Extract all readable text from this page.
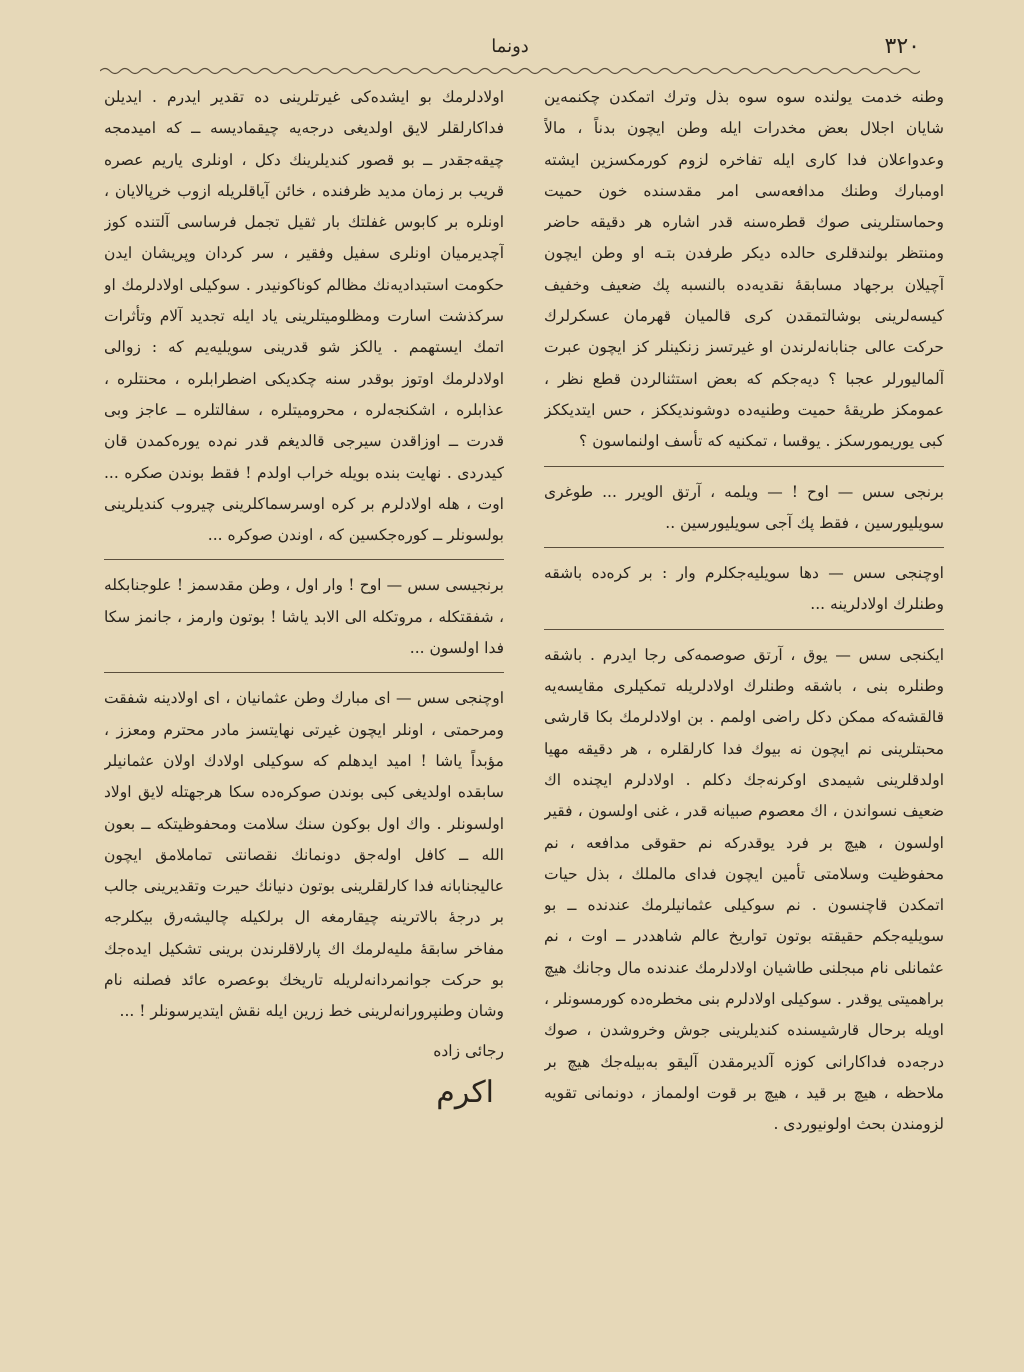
۳۲۰
دونما

وطنه خدمت یولنده سوه سوه بذل وترك اتمكدن چكنمه‌ین شایان اجلال بعض مخدرات ایله وطن ایچون بدناً ، مالاً وعدواعلان فدا كاری ایله تفاخره لزوم كورمكسزین ایشته اومبارك وطنك مدافعه‌سی امر مقدسنده خون حمیت وحماستلرینی صوك قطره‌سنه قدر اشاره هر دقیقه حاضر ومنتظر بولندقلری حالده دیكر طرفدن بتـه او وطن ایچون آچیلان برجهاد مسابقهٔ نقدیه‌ده بالنسبه پك ضعیف وخفیف كیسه‌لرینی بوشالتمقدن كری قالمیان قهرمان عسكرلرك حركت عالی جنابانه‌لرندن او غیرتسز زنكینلر كز ایچون عبرت آلمالیورلر عجبا ؟ دیه‌جكم كه بعض استثنالردن قطع نظر ، عمومكز طریقهٔ حمیت وطنیه‌ده دوشوندیككز ، حس ایتدیككز كبی یوریمورسكز . یوقسا ، تمكنیه كه تأسف اولنماسون ؟

برنجی سس — اوح ! — ویلمه ، آرتق الویرر ... طوغری سویلیورسین ، فقط پك آجی سویلیورسین ..

اوچنجی سس — دها سویلیه‌جكلرم وار : بر كره‌ده باشقه وطنلرك اولادلرینه ...

ایكنجی سس — یوق ، آرتق صوصمه‌كی رجا ایدرم . باشقه وطنلره بنی ، باشقه وطنلرك اولادلریله تمكیلری مقایسه‌یه قالقشه‌كه ممكن دكل راضی اولمم . بن اولادلرمك بكا قارشی محبتلرینی نم ایچون نه بیوك فدا كارلقلره ، هر دقیقه مهیا اولدقلرینی شیمدی اوكرنه‌جك دكلم . اولادلرم ایچنده اك ضعیف نسواندن ، اك معصوم صبیانه قدر ، غنی اولسون ، فقیر اولسون ، هیچ بر فرد یوقدركه نم حقوقی مدافعه ، نم محفوظیت وسلامتی تأمین ایچون فدای مالملك ، بذل حیات اتمكدن قاچنسون . نم سوكیلی عثمانیلرمك عندنده ــ بو سویلیه‌جكم حقیقته بوتون تواریخ عالم شاهددر ــ اوت ، نم عثمانلی نام مبجلنی طاشیان اولادلرمك عندنده مال وجانك هیچ براهمیتی یوقدر . سوكیلی اولادلرم بنی مخطره‌ده كورمسونلر ، اویله برحال قارشیسنده كندیلرینی جوش وخروشدن ، صوك درجه‌ده فداكارانی كوزه آلدیرمقدن آلیقو به‌بیله‌جك هیچ بر ملاحظه ، هیچ بر قید ، هیچ بر قوت اولمماز ، دونمانی تقویه لزومندن بحث اولونیوردی .

اولادلرمك بو ایشده‌كی غیرتلرینی ده تقدیر ایدرم . ایدیلن فداكارلقلر لایق اولدیغی درجه‌یه چیقمادیسه ــ كه امیدمجه چیقه‌جقدر ــ بو قصور كندیلرینك دكل ، اونلری یاریم عصره قریب بر زمان مدید ظرفنده ، خائن آیاقلریله ازوب خرپالایان ، اونلره بر كابوس غفلتك بار ثقیل تجمل فرساسی آلتنده كوز آچدیرمیان اونلری سفیل وفقیر ، سر كردان وپریشان ایدن حكومت استبدادیه‌نك مظالم كوناكونیدر . سوكیلی اولادلرمك او سركذشت اسارت ومظلومیتلرینی یاد ایله تجدید آلام وتأثرات اتمك ایستهمم . یالكز شو قدرینی سویلیه‌یم كه : زوالی اولادلرمك اوتوز بوقدر سنه چكدیكی اضطرابلره ، محنتلره ، عذابلره ، اشكنجه‌لره ، محرومیتلره ، سفالتلره ــ عاجز وبی قدرت ــ اوزاقدن سیرجی قالدیغم قدر نم‌ده یوره‌كمدن قان كیدردی . نهایت بنده بویله خراب اولدم ! فقط بوندن صكره ... اوت ، هله اولادلرم بر كره اوسرسماكلرینی چیروب كندیلرینی بولسونلر ــ كوره‌جكسین كه ، اوندن صوكره ...

برنجیسی سس — اوح ! وار اول ، وطن مقدسمز ! علوجنابكله ، شفقتكله ، مروتكله الی الابد یاشا ! بوتون وارمز ، جانمز سكا فدا اولسون ...

اوچنجی سس — ای مبارك وطن عثمانیان ، ای اولادینه شفقت ومرحمتی ، اونلر ایچون غیرتی نهایتسز مادر محترم ومعزز ، مؤبداً یاشا ! امید ایدهلم كه سوكیلی اولادك اولان عثمانیلر سابقده اولدیغی كبی بوندن صوكره‌ده سكا هرجهتله لایق اولاد اولسونلر . واك اول بوكون سنك سلامت ومحفوظیتكه ــ بعون الله ــ كافل اوله‌جق دونمانك نقصانتی تماملامق ایچون عالیجنابانه فدا كارلقلرینی بوتون دنیانك حیرت وتقدیرینی جالب بر درجهٔ بالاترینه چیقارمغه ال برلكیله چالیشه‌رق بیكلرجه مفاخر سابقهٔ ملیه‌لرمك اك پارلاقلرندن برینی تشكیل ایده‌جك بو حركت جوانمردانه‌لریله تاریخك بوعصره عائد فصلنه نام وشان وطنپرورانه‌لرینی خط زرین ایله نقش ایتدیرسونلر ! ...

رجائی زاده
اكرم
